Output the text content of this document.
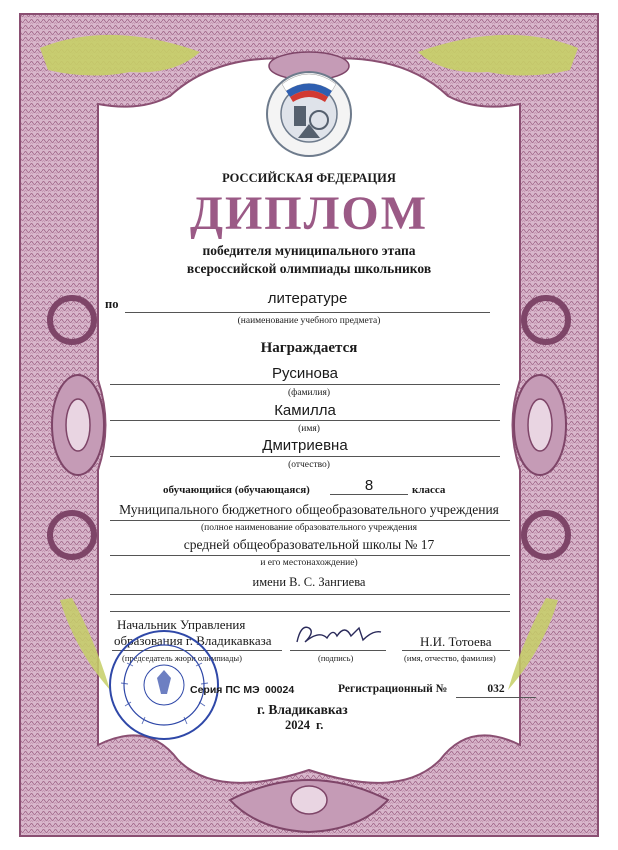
РОССИЙСКАЯ ФЕДЕРАЦИЯ
ДИПЛОМ
победителя муниципального этапа
всероссийской олимпиады школьников
по	литературе
(наименование учебного предмета)
Награждается
Русинова
(фамилия)
Камилла
(имя)
Дмитриевна
(отчество)
обучающийся (обучающаяся)	8	класса
Муниципального бюджетного общеобразовательного учреждения
(полное наименование образовательного учреждения
средней общеобразовательной школы № 17
и его местонахождение)
имени В. С. Зангиева
Начальник Управления
образования г. Владикавказа
(председатель жюри олимпиады)	(подпись)
Н.И. Тотоева
(имя, отчество, фамилия)
Серия ПС МЭ 00024	Регистрационный №	032
г. Владикавказ
2024 г.
